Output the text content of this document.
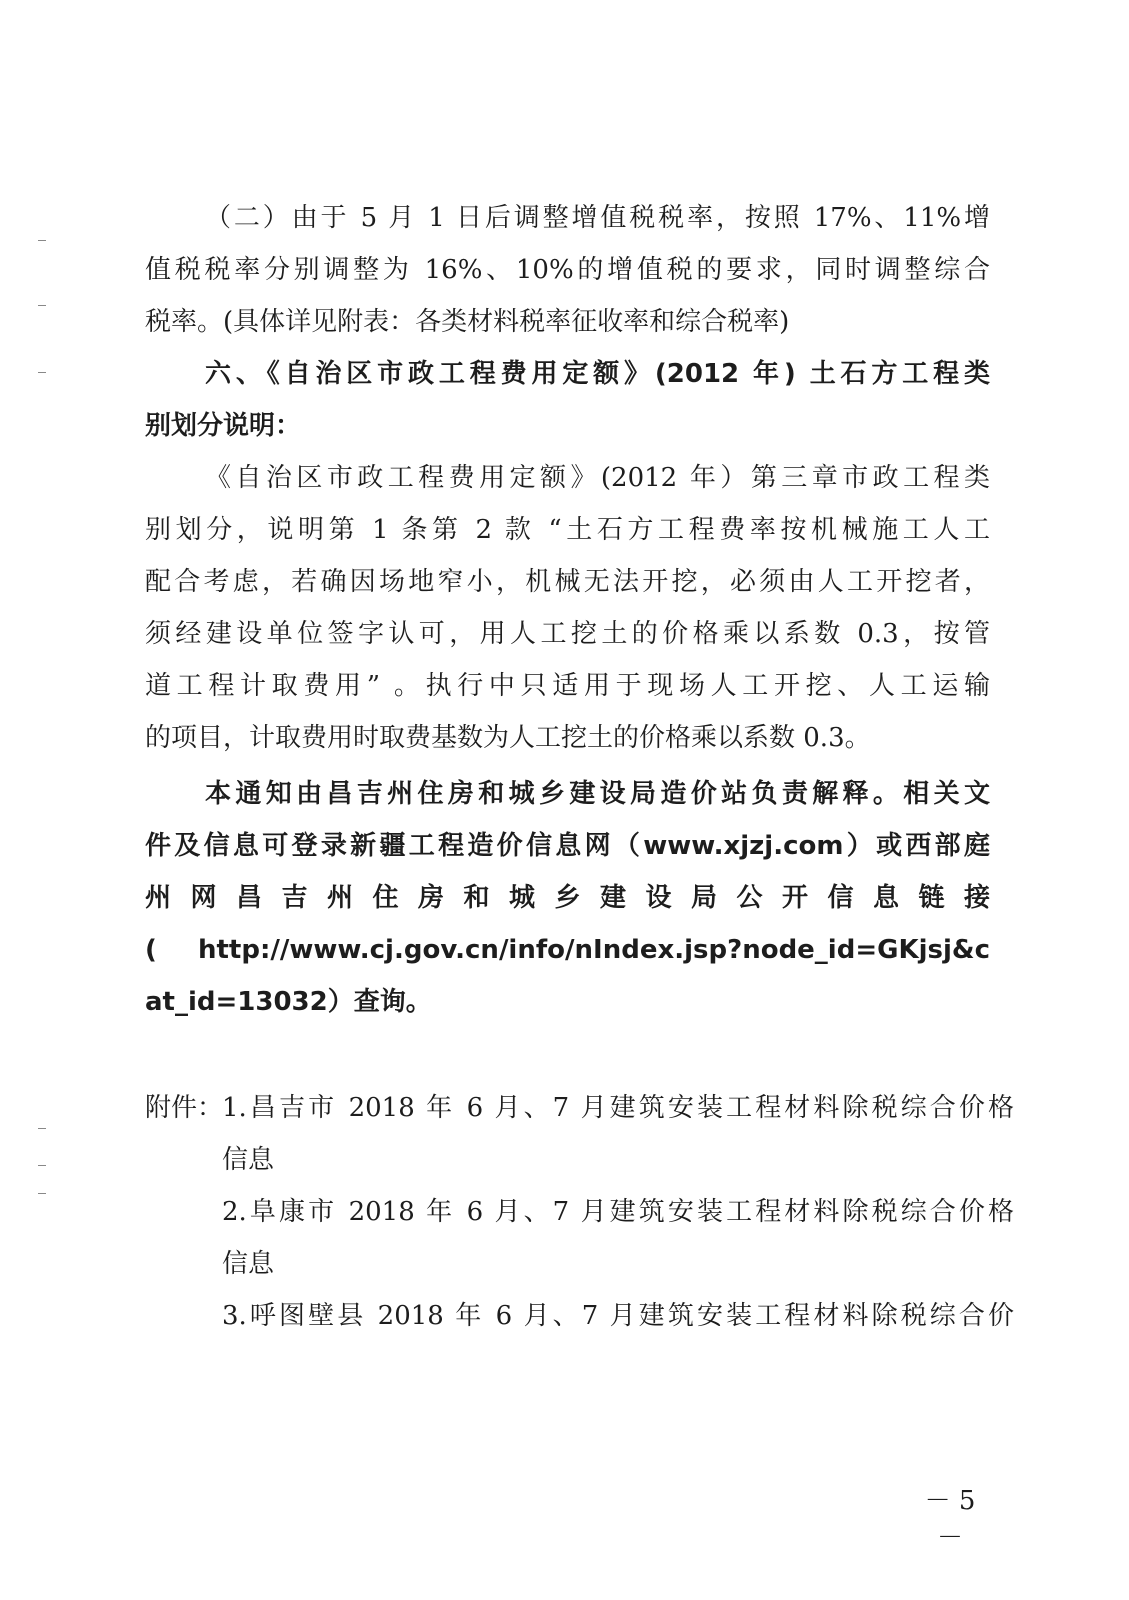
（二）由于 5 月 1 日后调整增值税税率，按照 17%、11%增

值税税率分别调整为 16%、10%的增值税的要求，同时调整综合

税率。(具体详见附表：各类材料税率征收率和综合税率)

六、《自治区市政工程费用定额》(2012 年) 土石方工程类

别划分说明：

《自治区市政工程费用定额》(2012 年）第三章市政工程类

别划分，说明第 1 条第 2 款 “土石方工程费率按机械施工人工

配合考虑，若确因场地窄小，机械无法开挖，必须由人工开挖者，

须经建设单位签字认可，用人工挖土的价格乘以系数 0.3，按管

道工程计取费用” 。执行中只适用于现场人工开挖、人工运输

的项目，计取费用时取费基数为人工挖土的价格乘以系数 0.3。

本通知由昌吉州住房和城乡建设局造价站负责解释。相关文

件及信息可登录新疆工程造价信息网（www.xjzj.com）或西部庭

州 网 昌 吉 州 住 房 和 城 乡 建 设 局 公 开 信 息 链 接

( http://www.cj.gov.cn/info/nIndex.jsp?node_id=GKjsj&c

at_id=13032）查询。

附件：
1.昌吉市 2018 年 6 月、7 月建筑安装工程材料除税综合价格
信息
2.阜康市 2018 年 6 月、7 月建筑安装工程材料除税综合价格
信息
3.呼图壁县 2018 年 6 月、7 月建筑安装工程材料除税综合价
－ 5 －
